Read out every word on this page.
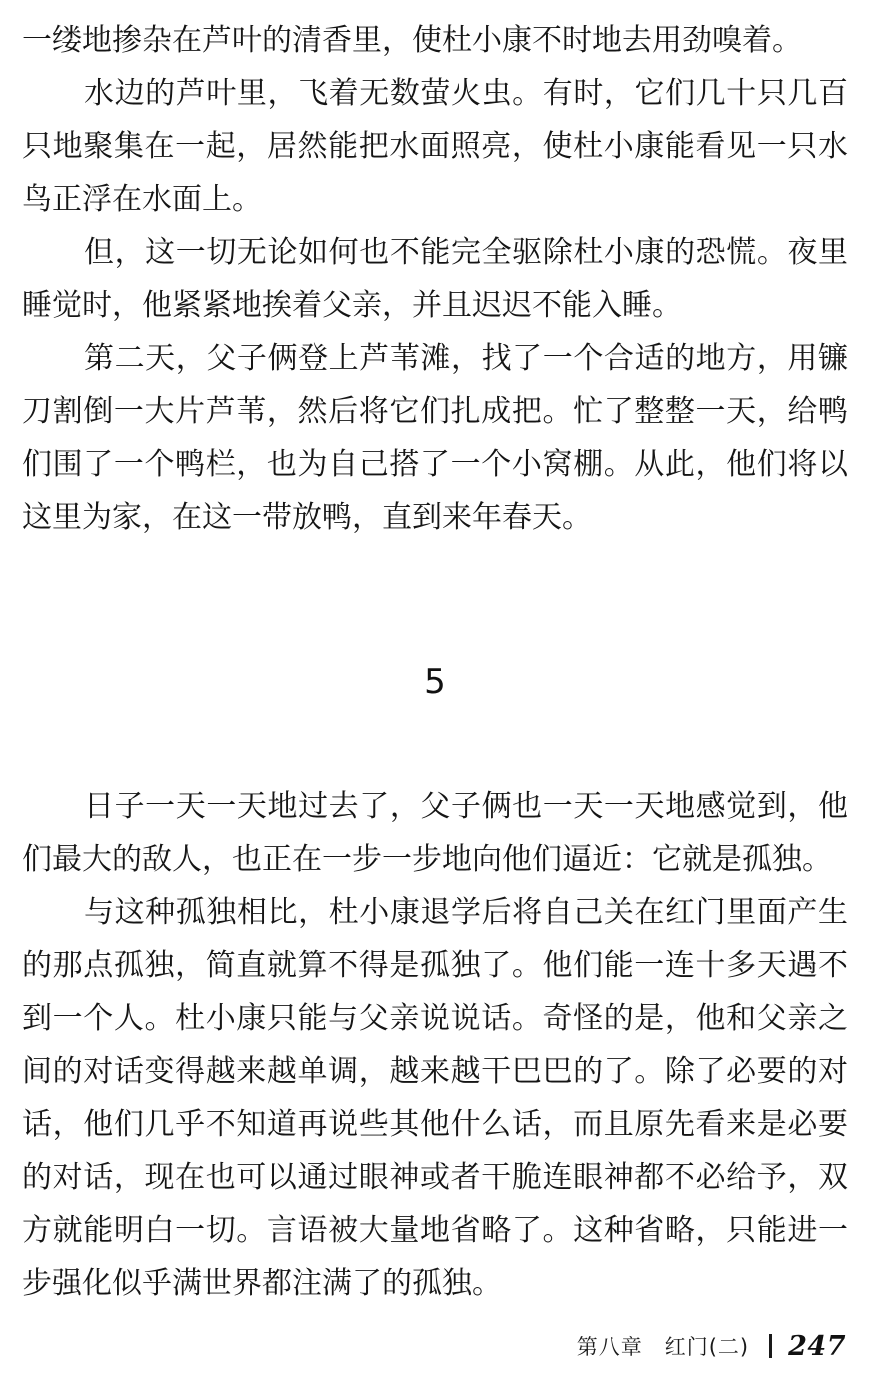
一缕地掺杂在芦叶的清香里，使杜小康不时地去用劲嗅着。

水边的芦叶里，飞着无数萤火虫。有时，它们几十只几百只地聚集在一起，居然能把水面照亮，使杜小康能看见一只水鸟正浮在水面上。

但，这一切无论如何也不能完全驱除杜小康的恐慌。夜里睡觉时，他紧紧地挨着父亲，并且迟迟不能入睡。

第二天，父子俩登上芦苇滩，找了一个合适的地方，用镰刀割倒一大片芦苇，然后将它们扎成把。忙了整整一天，给鸭们围了一个鸭栏，也为自己搭了一个小窝棚。从此，他们将以这里为家，在这一带放鸭，直到来年春天。

5

日子一天一天地过去了，父子俩也一天一天地感觉到，他们最大的敌人，也正在一步一步地向他们逼近：它就是孤独。

与这种孤独相比，杜小康退学后将自己关在红门里面产生的那点孤独，简直就算不得是孤独了。他们能一连十多天遇不到一个人。杜小康只能与父亲说说话。奇怪的是，他和父亲之间的对话变得越来越单调，越来越干巴巴的了。除了必要的对话，他们几乎不知道再说些其他什么话，而且原先看来是必要的对话，现在也可以通过眼神或者干脆连眼神都不必给予，双方就能明白一切。言语被大量地省略了。这种省略，只能进一步强化似乎满世界都注满了的孤独。

第八章　红门(二) 247
